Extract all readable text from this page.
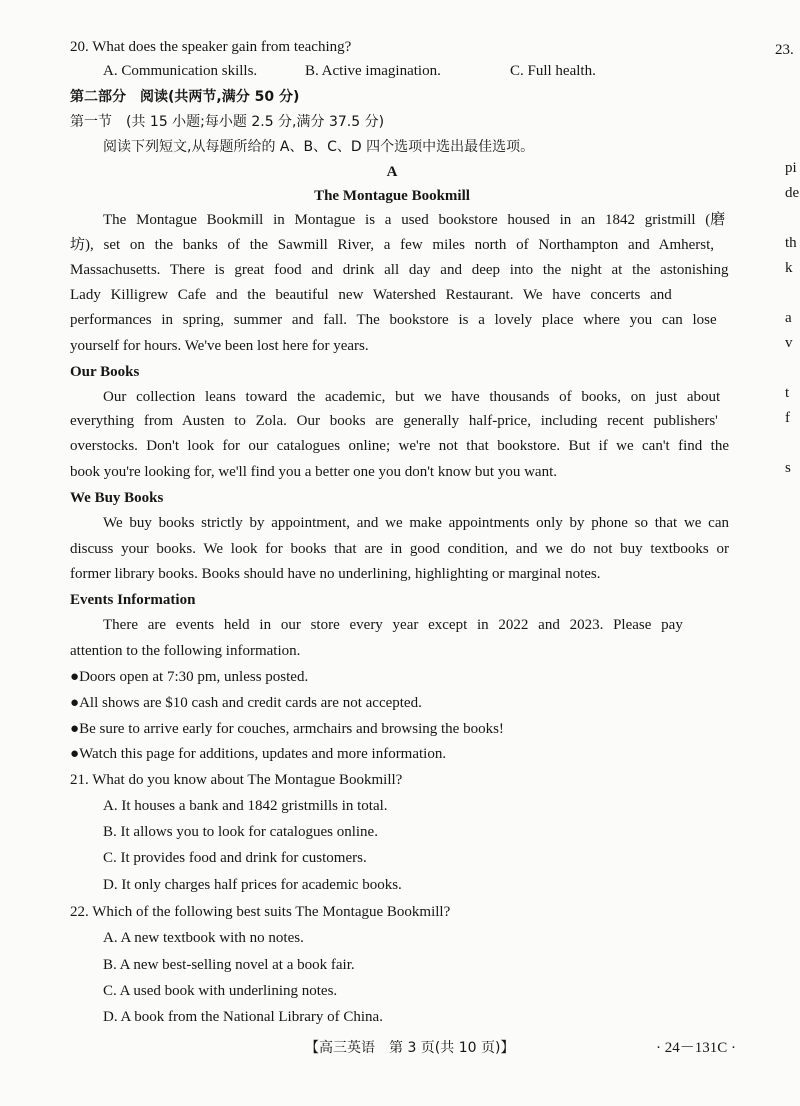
20. What does the speaker gain from teaching?
A. Communication skills.	B. Active imagination.	C. Full health.
第二部分　阅读(共两节,满分 50 分)
第一节　(共 15 小题;每小题 2.5 分,满分 37.5 分)
阅读下列短文,从每题所给的 A、B、C、D 四个选项中选出最佳选项。
A
The Montague Bookmill
The Montague Bookmill in Montague is a used bookstore housed in an 1842 gristmill (磨
坊), set on the banks of the Sawmill River, a few miles north of Northampton and Amherst,
Massachusetts. There is great food and drink all day and deep into the night at the astonishing
Lady Killigrew Cafe and the beautiful new Watershed Restaurant. We have concerts and
performances in spring, summer and fall. The bookstore is a lovely place where you can lose
yourself for hours. We've been lost here for years.
Our Books
Our collection leans toward the academic, but we have thousands of books, on just about
everything from Austen to Zola. Our books are generally half-price, including recent publishers'
overstocks. Don't look for our catalogues online; we're not that bookstore. But if we can't find the
book you're looking for, we'll find you a better one you don't know but you want.
We Buy Books
We buy books strictly by appointment, and we make appointments only by phone so that we can
discuss your books. We look for books that are in good condition, and we do not buy textbooks or
former library books. Books should have no underlining, highlighting or marginal notes.
Events Information
There are events held in our store every year except in 2022 and 2023. Please pay
attention to the following information.
●Doors open at 7:30 pm, unless posted.
●All shows are $10 cash and credit cards are not accepted.
●Be sure to arrive early for couches, armchairs and browsing the books!
●Watch this page for additions, updates and more information.
21. What do you know about The Montague Bookmill?
A. It houses a bank and 1842 gristmills in total.
B. It allows you to look for catalogues online.
C. It provides food and drink for customers.
D. It only charges half prices for academic books.
22. Which of the following best suits The Montague Bookmill?
A. A new textbook with no notes.
B. A new best-selling novel at a book fair.
C. A used book with underlining notes.
D. A book from the National Library of China.
【高三英语　第 3 页(共 10 页)】	· 24－131C ·
23.
pi
de
th
k
a
v
t
f
s
